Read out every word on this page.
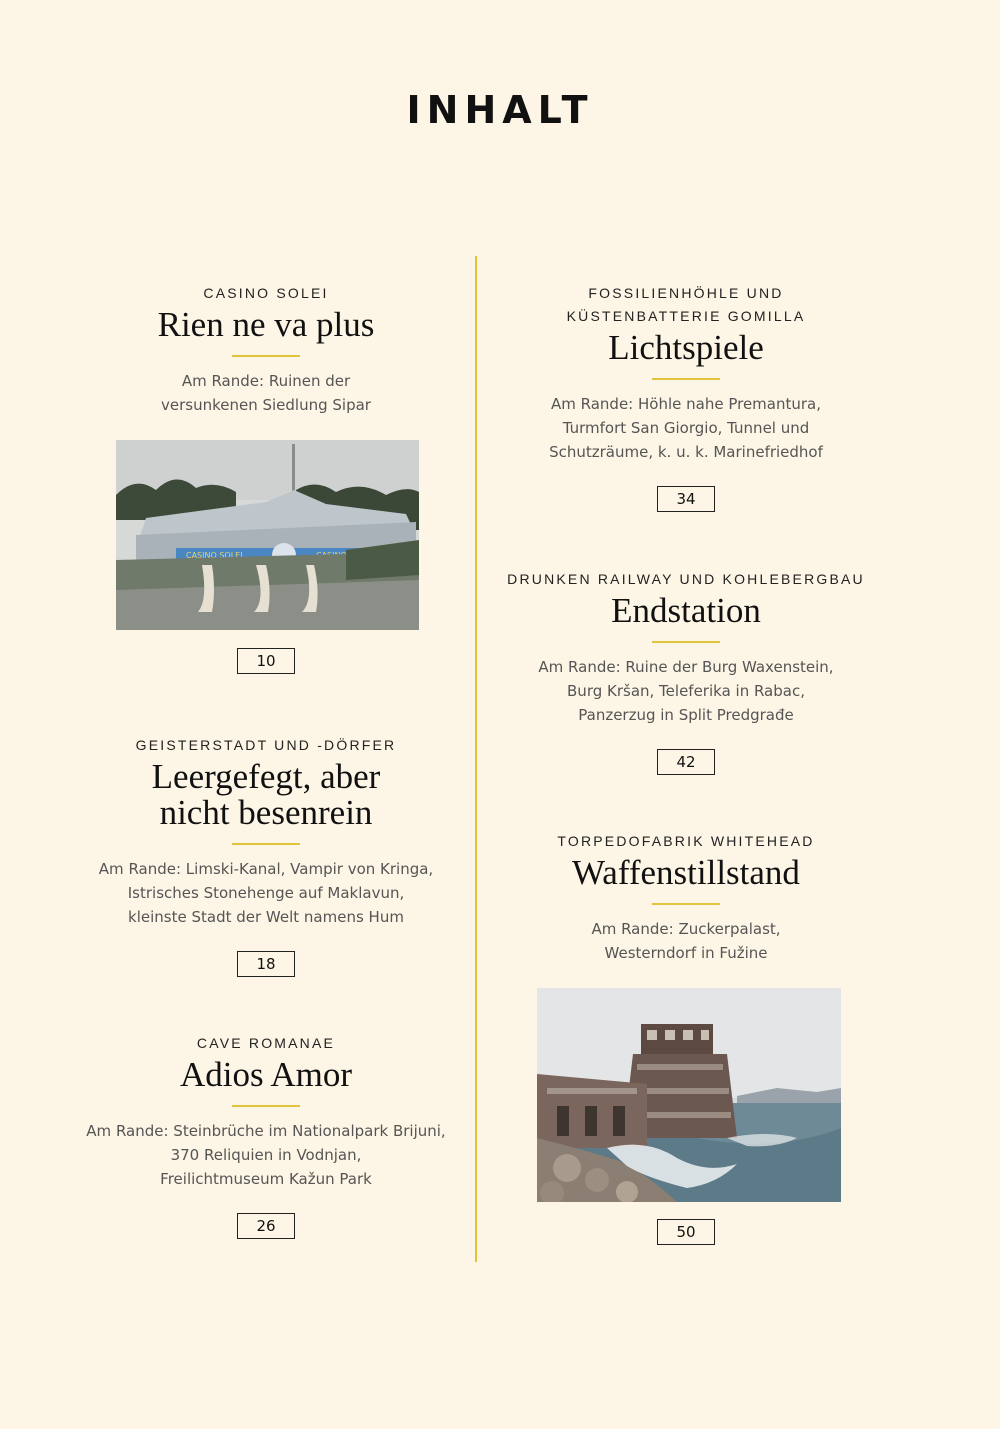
INHALT
CASINO SOLEI
Rien ne va plus
Am Rande: Ruinen der
versunkenen Siedlung Sipar
CASINO SOLEI
10
GEISTERSTADT UND -DÖRFER
Leergefegt, aber
nicht besenrein
Am Rande: Limski-Kanal, Vampir von Kringa,
Istrisches Stonehenge auf Maklavun,
kleinste Stadt der Welt namens Hum
18
CAVE ROMANAE
Adios Amor
Am Rande: Steinbrüche im Nationalpark Brijuni,
370 Reliquien in Vodnjan,
Freilichtmuseum Kažun Park
26
FOSSILIENHÖHLE UND
KÜSTENBATTERIE GOMILLA
Lichtspiele
Am Rande: Höhle nahe Premantura,
Turmfort San Giorgio, Tunnel und
Schutzräume, k. u. k. Marinefriedhof
34
DRUNKEN RAILWAY UND KOHLEBERGBAU
Endstation
Am Rande: Ruine der Burg Waxenstein,
Burg Kršan, Teleferika in Rabac,
Panzerzug in Split Predgrađe
42
TORPEDOFABRIK WHITEHEAD
Waffenstillstand
Am Rande: Zuckerpalast,
Westerndorf in Fužine
50
